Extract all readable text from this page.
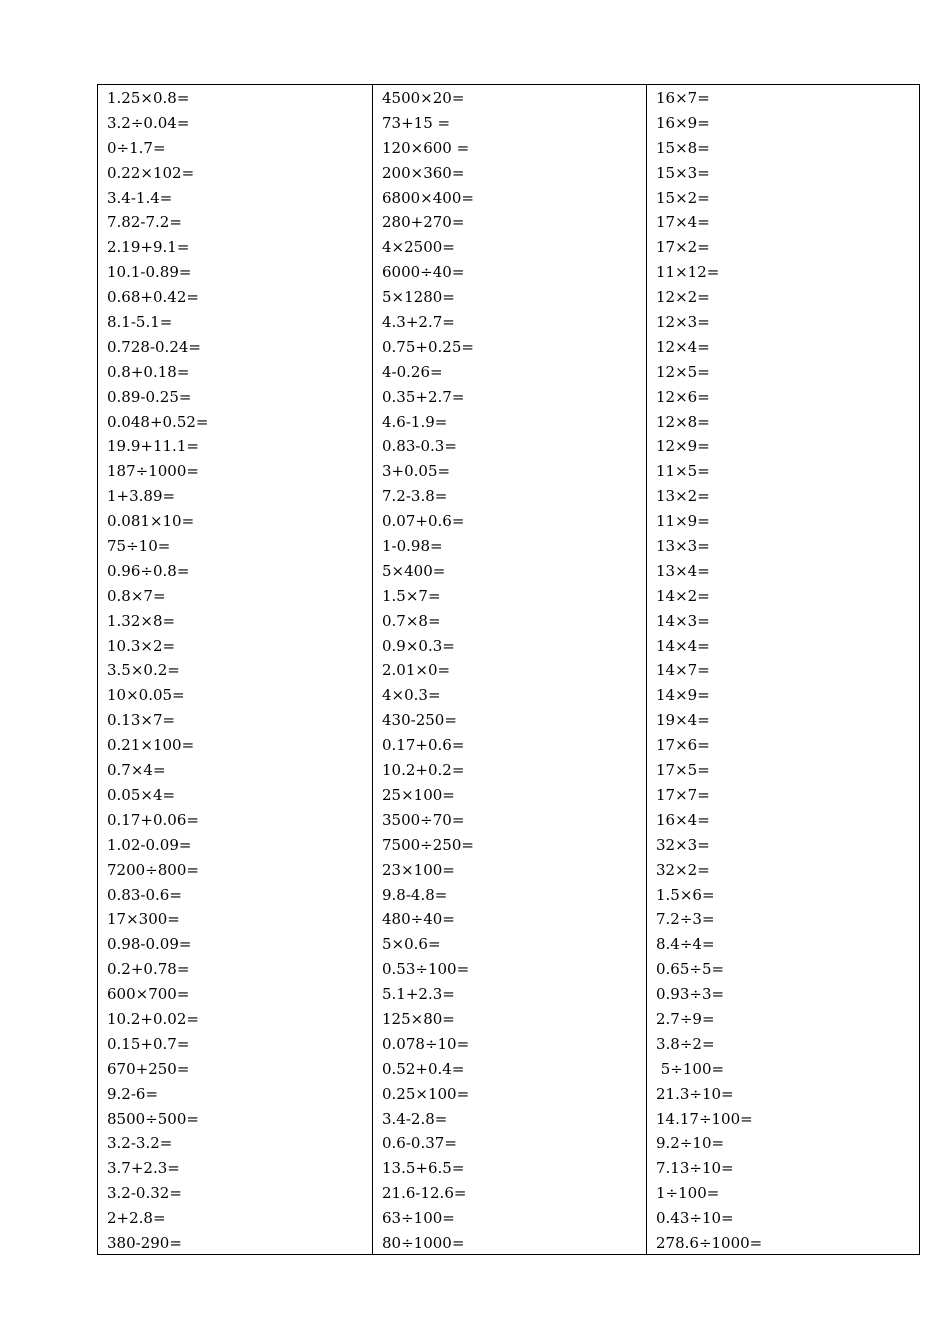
1.25×0.8=
3.2÷0.04=
0÷1.7=
0.22×102=
3.4-1.4=
7.82-7.2=
2.19+9.1=
10.1-0.89=
0.68+0.42=
8.1-5.1=
0.728-0.24=
0.8+0.18=
0.89-0.25=
0.048+0.52=
19.9+11.1=
187÷1000=
1+3.89=
0.081×10=
75÷10=
0.96÷0.8=
0.8×7=
1.32×8=
10.3×2=
3.5×0.2=
10×0.05=
0.13×7=
0.21×100=
0.7×4=
0.05×4=
0.17+0.06=
1.02-0.09=
7200÷800=
0.83-0.6=
17×300=
0.98-0.09=
0.2+0.78=
600×700=
10.2+0.02=
0.15+0.7=
670+250=
9.2-6=
8500÷500=
3.2-3.2=
3.7+2.3=
3.2-0.32=
2+2.8=
380-290=
4500×20=
73+15 =
120×600 =
200×360=
6800×400=
280+270=
4×2500=
6000÷40=
5×1280=
4.3+2.7=
0.75+0.25=
4-0.26=
0.35+2.7=
4.6-1.9=
0.83-0.3=
3+0.05=
7.2-3.8=
0.07+0.6=
1-0.98=
5×400=
1.5×7=
0.7×8=
0.9×0.3=
2.01×0=
4×0.3=
430-250=
0.17+0.6=
10.2+0.2=
25×100=
3500÷70=
7500÷250=
23×100=
9.8-4.8=
480÷40=
5×0.6=
0.53÷100=
5.1+2.3=
125×80=
0.078÷10=
0.52+0.4=
0.25×100=
3.4-2.8=
0.6-0.37=
13.5+6.5=
21.6-12.6=
63÷100=
80÷1000=
16×7=
16×9=
15×8=
15×3=
15×2=
17×4=
17×2=
11×12=
12×2=
12×3=
12×4=
12×5=
12×6=
12×8=
12×9=
11×5=
13×2=
11×9=
13×3=
13×4=
14×2=
14×3=
14×4=
14×7=
14×9=
19×4=
17×6=
17×5=
17×7=
16×4=
32×3=
32×2=
1.5×6=
7.2÷3=
8.4÷4=
0.65÷5=
0.93÷3=
2.7÷9=
3.8÷2=
5÷100=
21.3÷10=
14.17÷100=
9.2÷10=
7.13÷10=
1÷100=
0.43÷10=
278.6÷1000=
